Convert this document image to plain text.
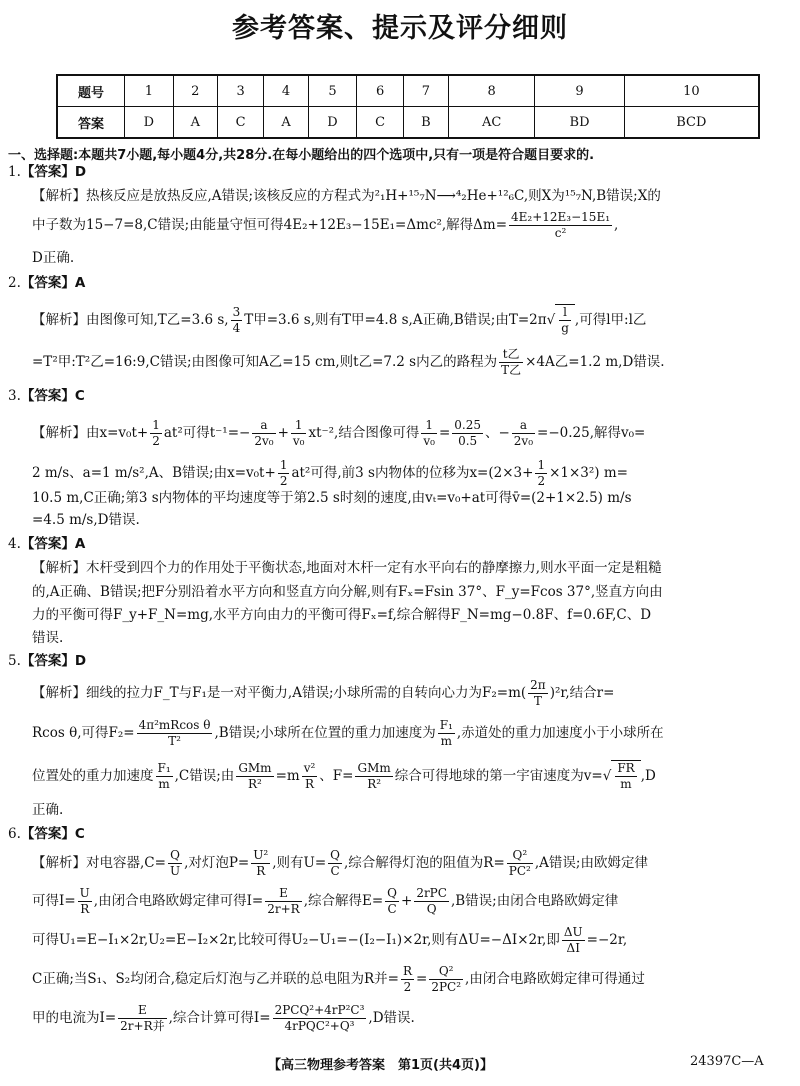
参考答案、提示及评分细则
题号	1	2	3	4	5	6	7	8	9	10
答案	D	A	C	A	D	C	B	AC	BD	BCD
一、选择题:本题共7小题,每小题4分,共28分.在每小题给出的四个选项中,只有一项是符合题目要求的.
1.【答案】D
【解析】热核反应是放热反应,A错误;该核反应的方程式为²₁H+¹⁵₇N⟶⁴₂He+¹²₆C,则X为¹⁵₇N,B错误;X的
中子数为15−7=8,C错误;由能量守恒可得4E₂+12E₃−15E₁=Δmc²,解得$\Delta m= \frac{\text{4E₂+12E₃−15E₁}}{\text{c²}}$ ,
D正确.
2.【答案】A
【解析】由图像可知,T乙=3.6 s, $\frac{3}{4}$ T甲=3.6 s,则有T甲=4.8 s,A正确,B错误;由$T=2\pi√ \frac{l}{g}$ ,可得l甲:l乙
=T²甲:T²乙=16:9,C错误;由图像可知A乙=15 cm,则t乙=7.2 s内乙的路程为 $\frac{\text{t乙}}{\text{T乙}} \times 4A$乙=1.2 m,D错误.
3.【答案】C
【解析】由$x=v_0t+ \frac{1}{2} at^2$可得$t^{-1}=- \frac{a}{\text{2v₀}} + \frac{1}{\text{v₀}} xt^{-2}$,结合图像可得 $\frac{1}{\text{v₀}} = \frac{0.25}{0.5}$ 、− $\frac{a}{\text{2v₀}} =-0.25$,解得v₀=
2 m/s、a=1 m/s²,A、B错误;由$x=v_0t+ \frac{1}{2} at^2$可得,前3 s内物体的位移为$x=(2\times 3+ \frac{1}{2} \times 1\times 3^2)$ m=
10.5 m,C正确;第3 s内物体的平均速度等于第2.5 s时刻的速度,由vₜ=v₀+at可得v̄=(2+1×2.5) m/s
=4.5 m/s,D错误.
4.【答案】A
【解析】木杆受到四个力的作用处于平衡状态,地面对木杆一定有水平向右的静摩擦力,则水平面一定是粗糙
的,A正确、B错误;把F分别沿着水平方向和竖直方向分解,则有Fₓ=Fsin 37°、F_y=Fcos 37°,竖直方向由
力的平衡可得F_y+F_N=mg,水平方向由力的平衡可得Fₓ=f,综合解得F_N=mg−0.8F、f=0.6F,C、D
错误.
5.【答案】D
【解析】细线的拉力F_T与F₁是一对平衡力,A错误;小球所需的自转向心力为$F_2=m( \frac{2\pi}{T} )^2r$,结合r=
Rcos θ,可得$F_2= \frac{\text{4π²mRcos θ}}{\text{T²}} ,B$错误;小球所在位置的重力加速度为 $\frac{\text{F₁}}{m}$ ,赤道处的重力加速度小于小球所在
位置处的重力加速度 $\frac{\text{F₁}}{m} ,C$错误;由 $\frac{\text{GMm}}{\text{R²}} =m \frac{\text{v²}}{R}$ 、$F= \frac{\text{GMm}}{\text{R²}}$ 综合可得地球的第一宇宙速度为$v=√ \frac{FR}{m} ,D$
正确.
6.【答案】C
【解析】对电容器$,C= \frac{Q}{U}$ ,对灯泡$P= \frac{\text{U²}}{R}$ ,则有$U= \frac{Q}{C}$ ,综合解得灯泡的阻值为$R= \frac{\text{Q²}}{\text{PC²}} ,A$错误;由欧姆定律
可得$I= \frac{U}{R}$ ,由闭合电路欧姆定律可得$I= \frac{E}{2r+R}$ ,综合解得$E= \frac{Q}{C} + \frac{\text{2rPC}}{Q} ,B$错误;由闭合电路欧姆定律
可得U₁=E−I₁×2r,U₂=E−I₂×2r,比较可得U₂−U₁=−(I₂−I₁)×2r,则有ΔU=−ΔI×2r,即 $\frac{\Delta U}{\Delta I} =-2r$,
C正确;当S₁、S₂均闭合,稳定后灯泡与乙并联的总电阻为R并= $\frac{R}{2} = \frac{\text{Q²}}{\text{2PC²}}$ ,由闭合电路欧姆定律可得通过
甲的电流为$I= \frac{E}{\text{2r+R并}}$ ,综合计算可得$I= \frac{\text{2PCQ²+4rP²C³}}{\text{4rPQC²+Q³}} ,D$错误.
【高三物理参考答案　第1页(共4页)】	24397C—A
